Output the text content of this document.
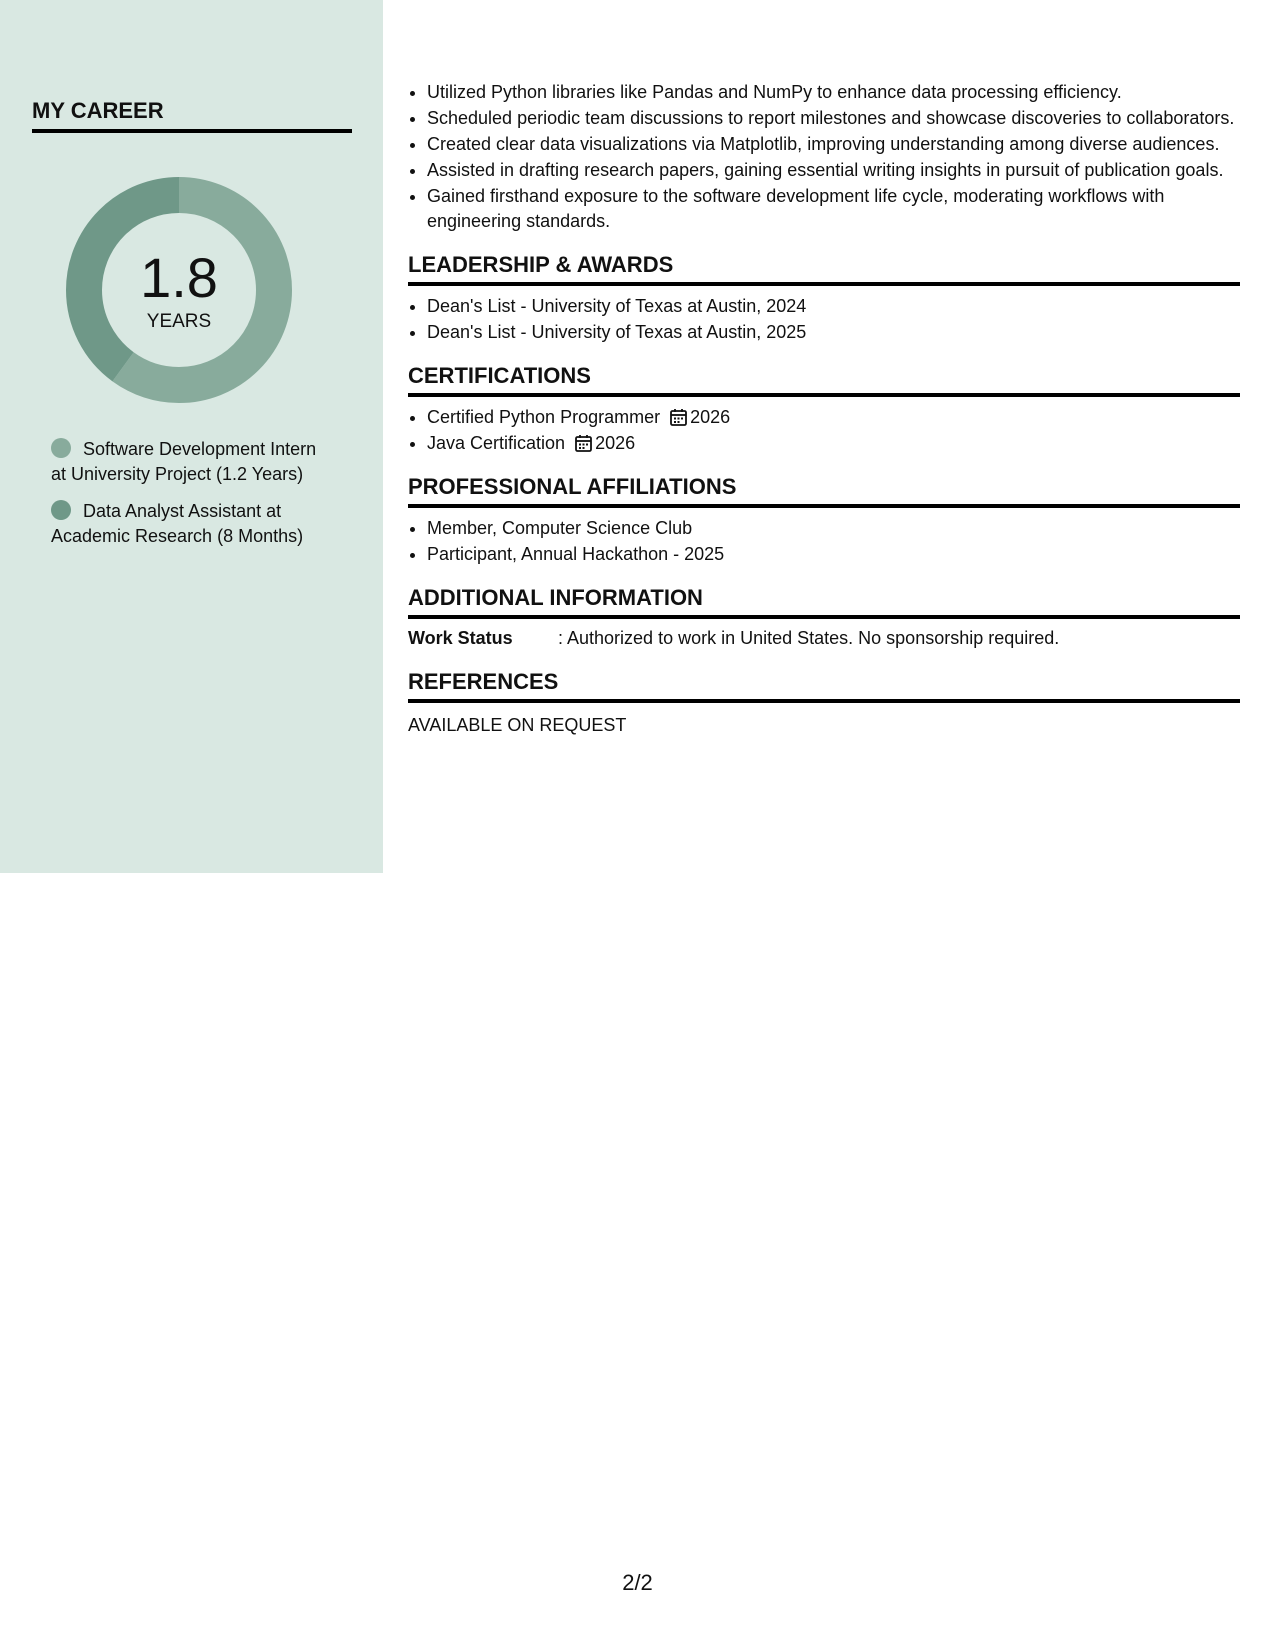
MY CAREER

1.8

YEARS

Software Development Intern at University Project (1.2 Years)
Data Analyst Assistant at Academic Research (8 Months)
• Utilized Python libraries like Pandas and NumPy to enhance data processing efficiency.
• Scheduled periodic team discussions to report milestones and showcase discoveries to collaborators.
• Created clear data visualizations via Matplotlib, improving understanding among diverse audiences.
• Assisted in drafting research papers, gaining essential writing insights in pursuit of publication goals.
• Gained firsthand exposure to the software development life cycle, moderating workflows with engineering standards.
LEADERSHIP & AWARDS
• Dean's List - University of Texas at Austin, 2024
• Dean's List - University of Texas at Austin, 2025
CERTIFICATIONS
• Certified Python Programmer 2026
• Java Certification 2026
PROFESSIONAL AFFILIATIONS
• Member, Computer Science Club
• Participant, Annual Hackathon - 2025
ADDITIONAL INFORMATION
Work Status	: Authorized to work in United States. No sponsorship required.
REFERENCES
AVAILABLE ON REQUEST

2/2
